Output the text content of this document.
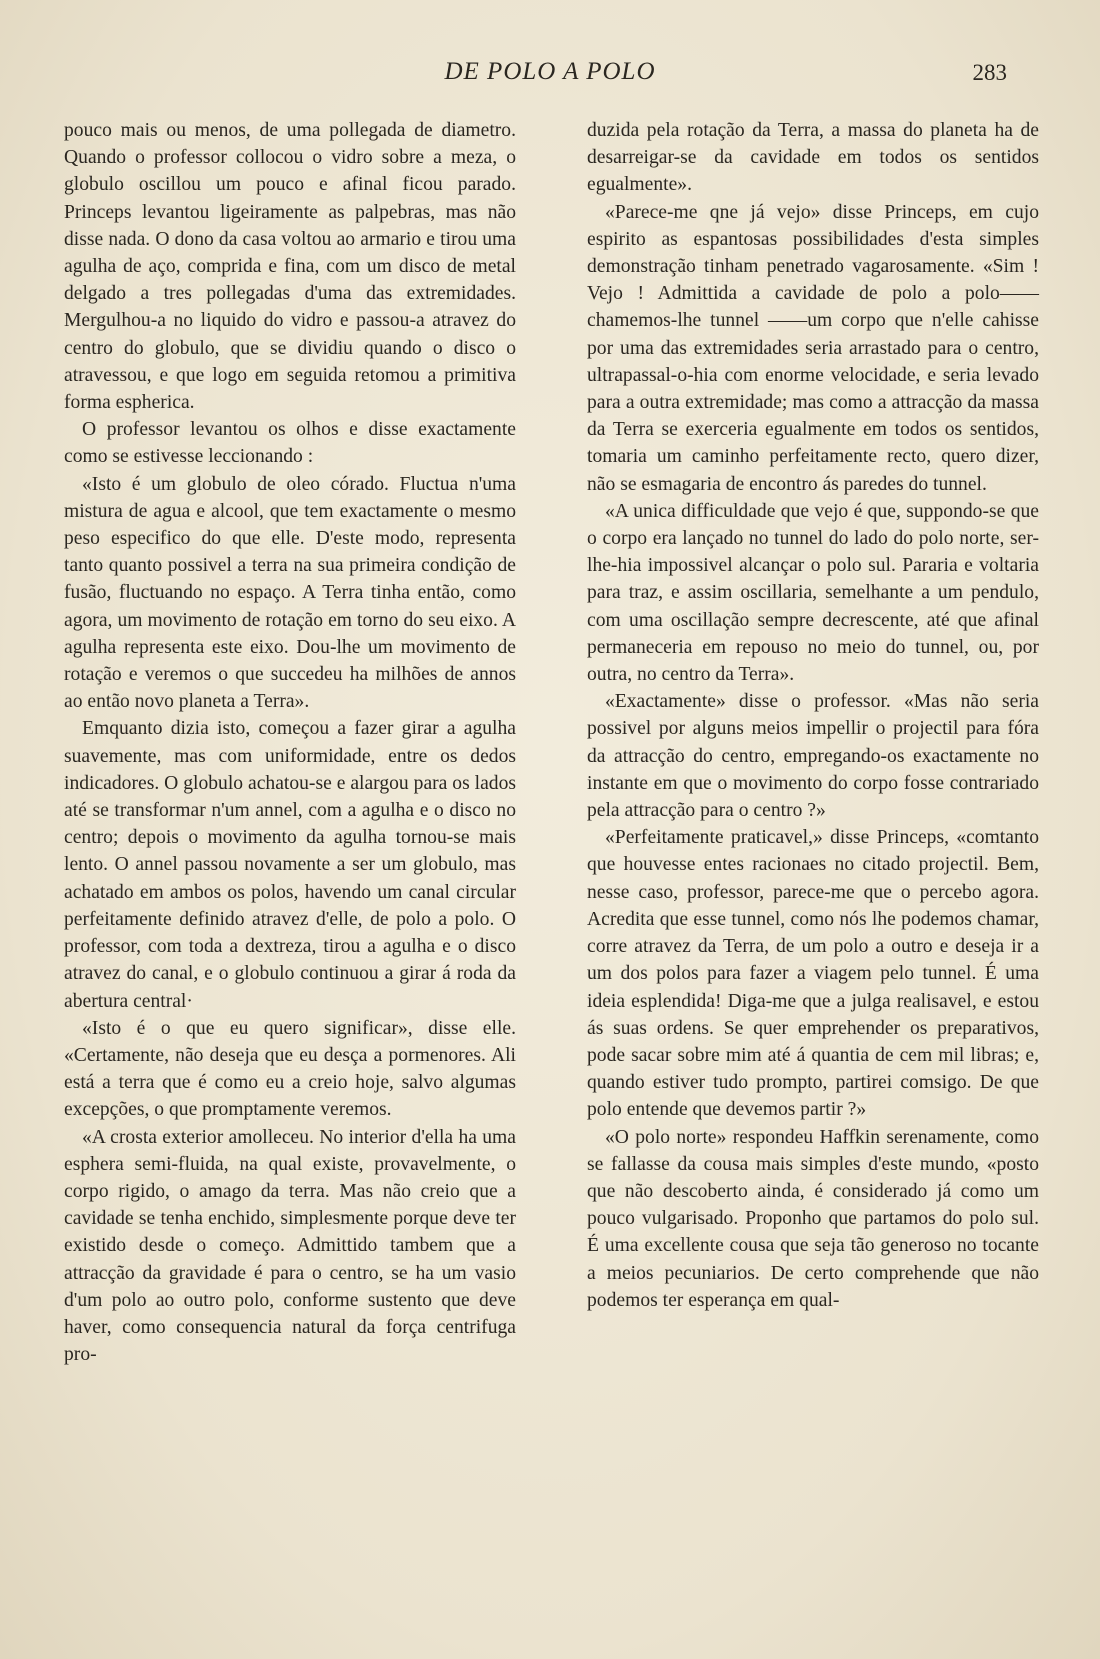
DE POLO A POLO	283

pouco mais ou menos, de uma pollegada de diametro. Quando o professor collocou o vidro sobre a meza, o globulo oscillou um pouco e afinal ficou parado. Princeps levantou ligeiramente as palpebras, mas não disse nada. O dono da casa voltou ao armario e tirou uma agulha de aço, comprida e fina, com um disco de metal delgado a tres pollegadas d'uma das extremidades. Mergulhou-a no liquido do vidro e passou-a atravez do centro do globulo, que se dividiu quando o disco o atravessou, e que logo em seguida retomou a primitiva forma espherica.

O professor levantou os olhos e disse exactamente como se estivesse leccionando :

«Isto é um globulo de oleo córado. Fluctua n'uma mistura de agua e alcool, que tem exactamente o mesmo peso especifico do que elle. D'este modo, representa tanto quanto possivel a terra na sua primeira condição de fusão, fluctuando no espaço. A Terra tinha então, como agora, um movimento de rotação em torno do seu eixo. A agulha representa este eixo. Dou-lhe um movimento de rotação e veremos o que succedeu ha milhões de annos ao então novo planeta a Terra».

Emquanto dizia isto, começou a fazer girar a agulha suavemente, mas com uniformidade, entre os dedos indicadores. O globulo achatou-se e alargou para os lados até se transformar n'um annel, com a agulha e o disco no centro; depois o movimento da agulha tornou-se mais lento. O annel passou novamente a ser um globulo, mas achatado em ambos os polos, havendo um canal circular perfeitamente definido atravez d'elle, de polo a polo. O professor, com toda a dextreza, tirou a agulha e o disco atravez do canal, e o globulo continuou a girar á roda da abertura central·

«Isto é o que eu quero significar», disse elle. «Certamente, não deseja que eu desça a pormenores. Ali está a terra que é como eu a creio hoje, salvo algumas excepções, o que promptamente veremos.

«A crosta exterior amolleceu. No interior d'ella ha uma esphera semi-fluida, na qual existe, provavelmente, o corpo rigido, o amago da terra. Mas não creio que a cavidade se tenha enchido, simplesmente porque deve ter existido desde o começo. Admittido tambem que a attracção da gravidade é para o centro, se ha um vasio d'um polo ao outro polo, conforme sustento que deve haver, como consequencia natural da força centrifuga pro-

duzida pela rotação da Terra, a massa do planeta ha de desarreigar-se da cavidade em todos os sentidos egualmente».

«Parece-me qne já vejo» disse Princeps, em cujo espirito as espantosas possibilidades d'esta simples demonstração tinham penetrado vagarosamente. «Sim ! Vejo ! Admittida a cavidade de polo a polo——chamemos-lhe tunnel ——um corpo que n'elle cahisse por uma das extremidades seria arrastado para o centro, ultrapassal-o-hia com enorme velocidade, e seria levado para a outra extremidade; mas como a attracção da massa da Terra se exerceria egualmente em todos os sentidos, tomaria um caminho perfeitamente recto, quero dizer, não se esmagaria de encontro ás paredes do tunnel.

«A unica difficuldade que vejo é que, suppondo-se que o corpo era lançado no tunnel do lado do polo norte, ser-lhe-hia impossivel alcançar o polo sul. Pararia e voltaria para traz, e assim oscillaria, semelhante a um pendulo, com uma oscillação sempre decrescente, até que afinal permaneceria em repouso no meio do tunnel, ou, por outra, no centro da Terra».

«Exactamente» disse o professor. «Mas não seria possivel por alguns meios impellir o projectil para fóra da attracção do centro, empregando-os exactamente no instante em que o movimento do corpo fosse contrariado pela attracção para o centro ?»

«Perfeitamente praticavel,» disse Princeps, «comtanto que houvesse entes racionaes no citado projectil. Bem, nesse caso, professor, parece-me que o percebo agora. Acredita que esse tunnel, como nós lhe podemos chamar, corre atravez da Terra, de um polo a outro e deseja ir a um dos polos para fazer a viagem pelo tunnel. É uma ideia esplendida! Diga-me que a julga realisavel, e estou ás suas ordens. Se quer emprehender os preparativos, pode sacar sobre mim até á quantia de cem mil libras; e, quando estiver tudo prompto, partirei comsigo. De que polo entende que devemos partir ?»

«O polo norte» respondeu Haffkin serenamente, como se fallasse da cousa mais simples d'este mundo, «posto que não descoberto ainda, é considerado já como um pouco vulgarisado. Proponho que partamos do polo sul. É uma excellente cousa que seja tão generoso no tocante a meios pecuniarios. De certo comprehende que não podemos ter esperança em qual-
